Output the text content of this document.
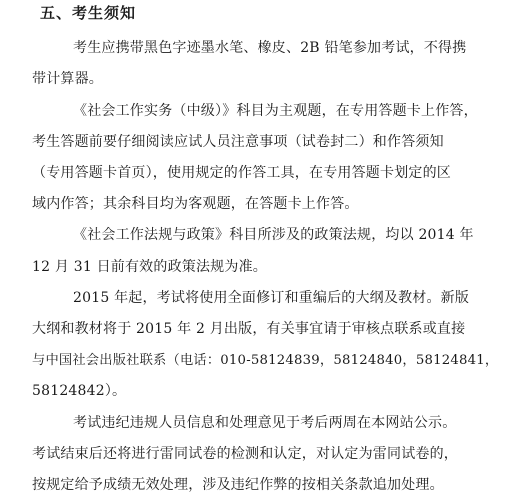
五、考生须知
考生应携带黑色字迹墨水笔、橡皮、2B 铅笔参加考试，不得携
带计算器。
《社会工作实务（中级）》科目为主观题，在专用答题卡上作答，
考生答题前要仔细阅读应试人员注意事项（试卷封二）和作答须知
（专用答题卡首页），使用规定的作答工具，在专用答题卡划定的区
域内作答；其余科目均为客观题，在答题卡上作答。
《社会工作法规与政策》科目所涉及的政策法规，均以 2014 年
12 月 31 日前有效的政策法规为准。
2015 年起，考试将使用全面修订和重编后的大纲及教材。新版
大纲和教材将于 2015 年 2 月出版，有关事宜请于审核点联系或直接
与中国社会出版社联系（电话：010-58124839，58124840，58124841，
58124842）。
考试违纪违规人员信息和处理意见于考后两周在本网站公示。
考试结束后还将进行雷同试卷的检测和认定，对认定为雷同试卷的，
按规定给予成绩无效处理，涉及违纪作弊的按相关条款追加处理。
